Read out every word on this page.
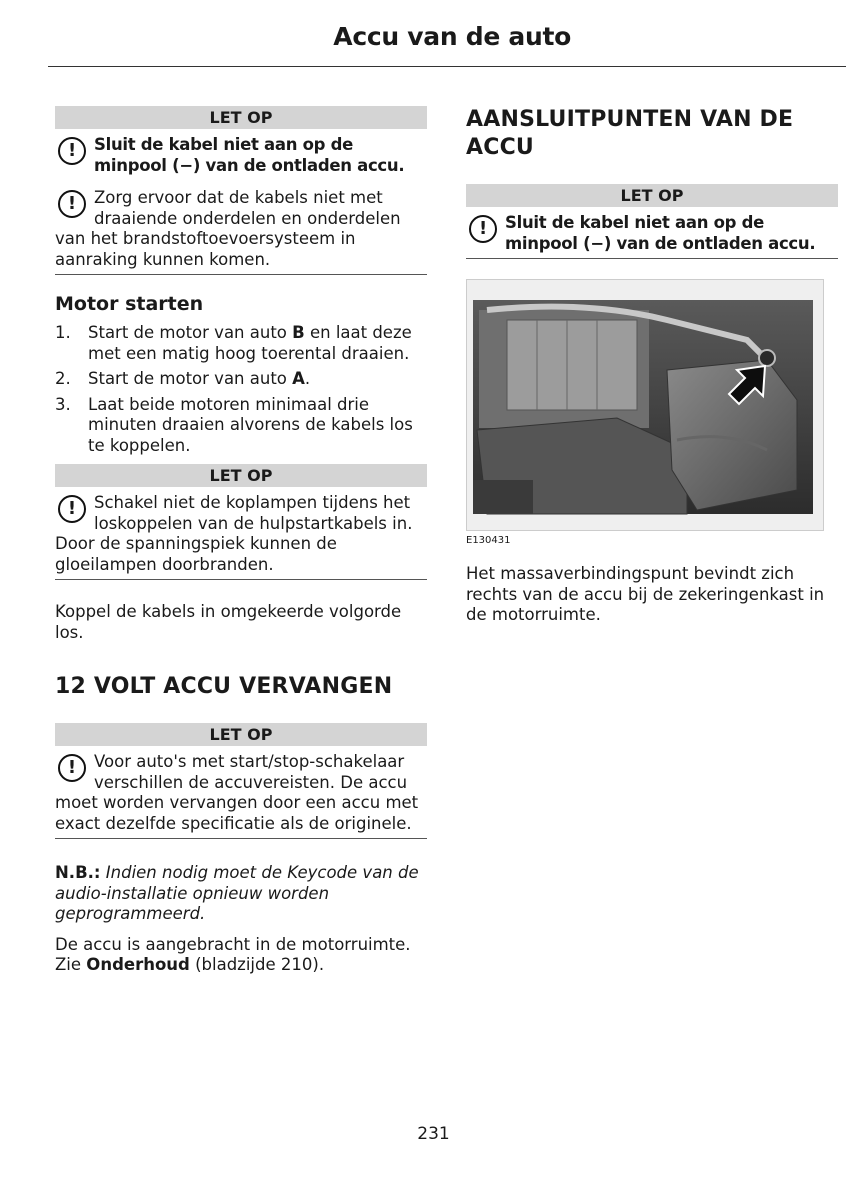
Accu van de auto
LET OP
!	Sluit de kabel niet aan op de minpool (−) van de ontladen accu.
!	Zorg ervoor dat de kabels niet met draaiende onderdelen en onderdelen van het brandstoftoevoersysteem in aanraking kunnen komen.
Motor starten
1. Start de motor van auto B en laat deze met een matig hoog toerental draaien.
2. Start de motor van auto A.
3. Laat beide motoren minimaal drie minuten draaien alvorens de kabels los te koppelen.
LET OP
!	Schakel niet de koplampen tijdens het loskoppelen van de hulpstartkabels in. Door de spanningspiek kunnen de gloeilampen doorbranden.

Koppel de kabels in omgekeerde volgorde los.

12 VOLT ACCU VERVANGEN
LET OP
!	Voor auto's met start/stop-schakelaar verschillen de accuvereisten. De accu moet worden vervangen door een accu met exact dezelfde specificatie als de originele.

N.B.: Indien nodig moet de Keycode van de audio-installatie opnieuw worden geprogrammeerd.

De accu is aangebracht in de motorruimte. Zie Onderhoud (bladzijde 210).

AANSLUITPUNTEN VAN DE ACCU
LET OP
!	Sluit de kabel niet aan op de minpool (−) van de ontladen accu.
E130431

Het massaverbindingspunt bevindt zich rechts van de accu bij de zekeringenkast in de motorruimte.

231
